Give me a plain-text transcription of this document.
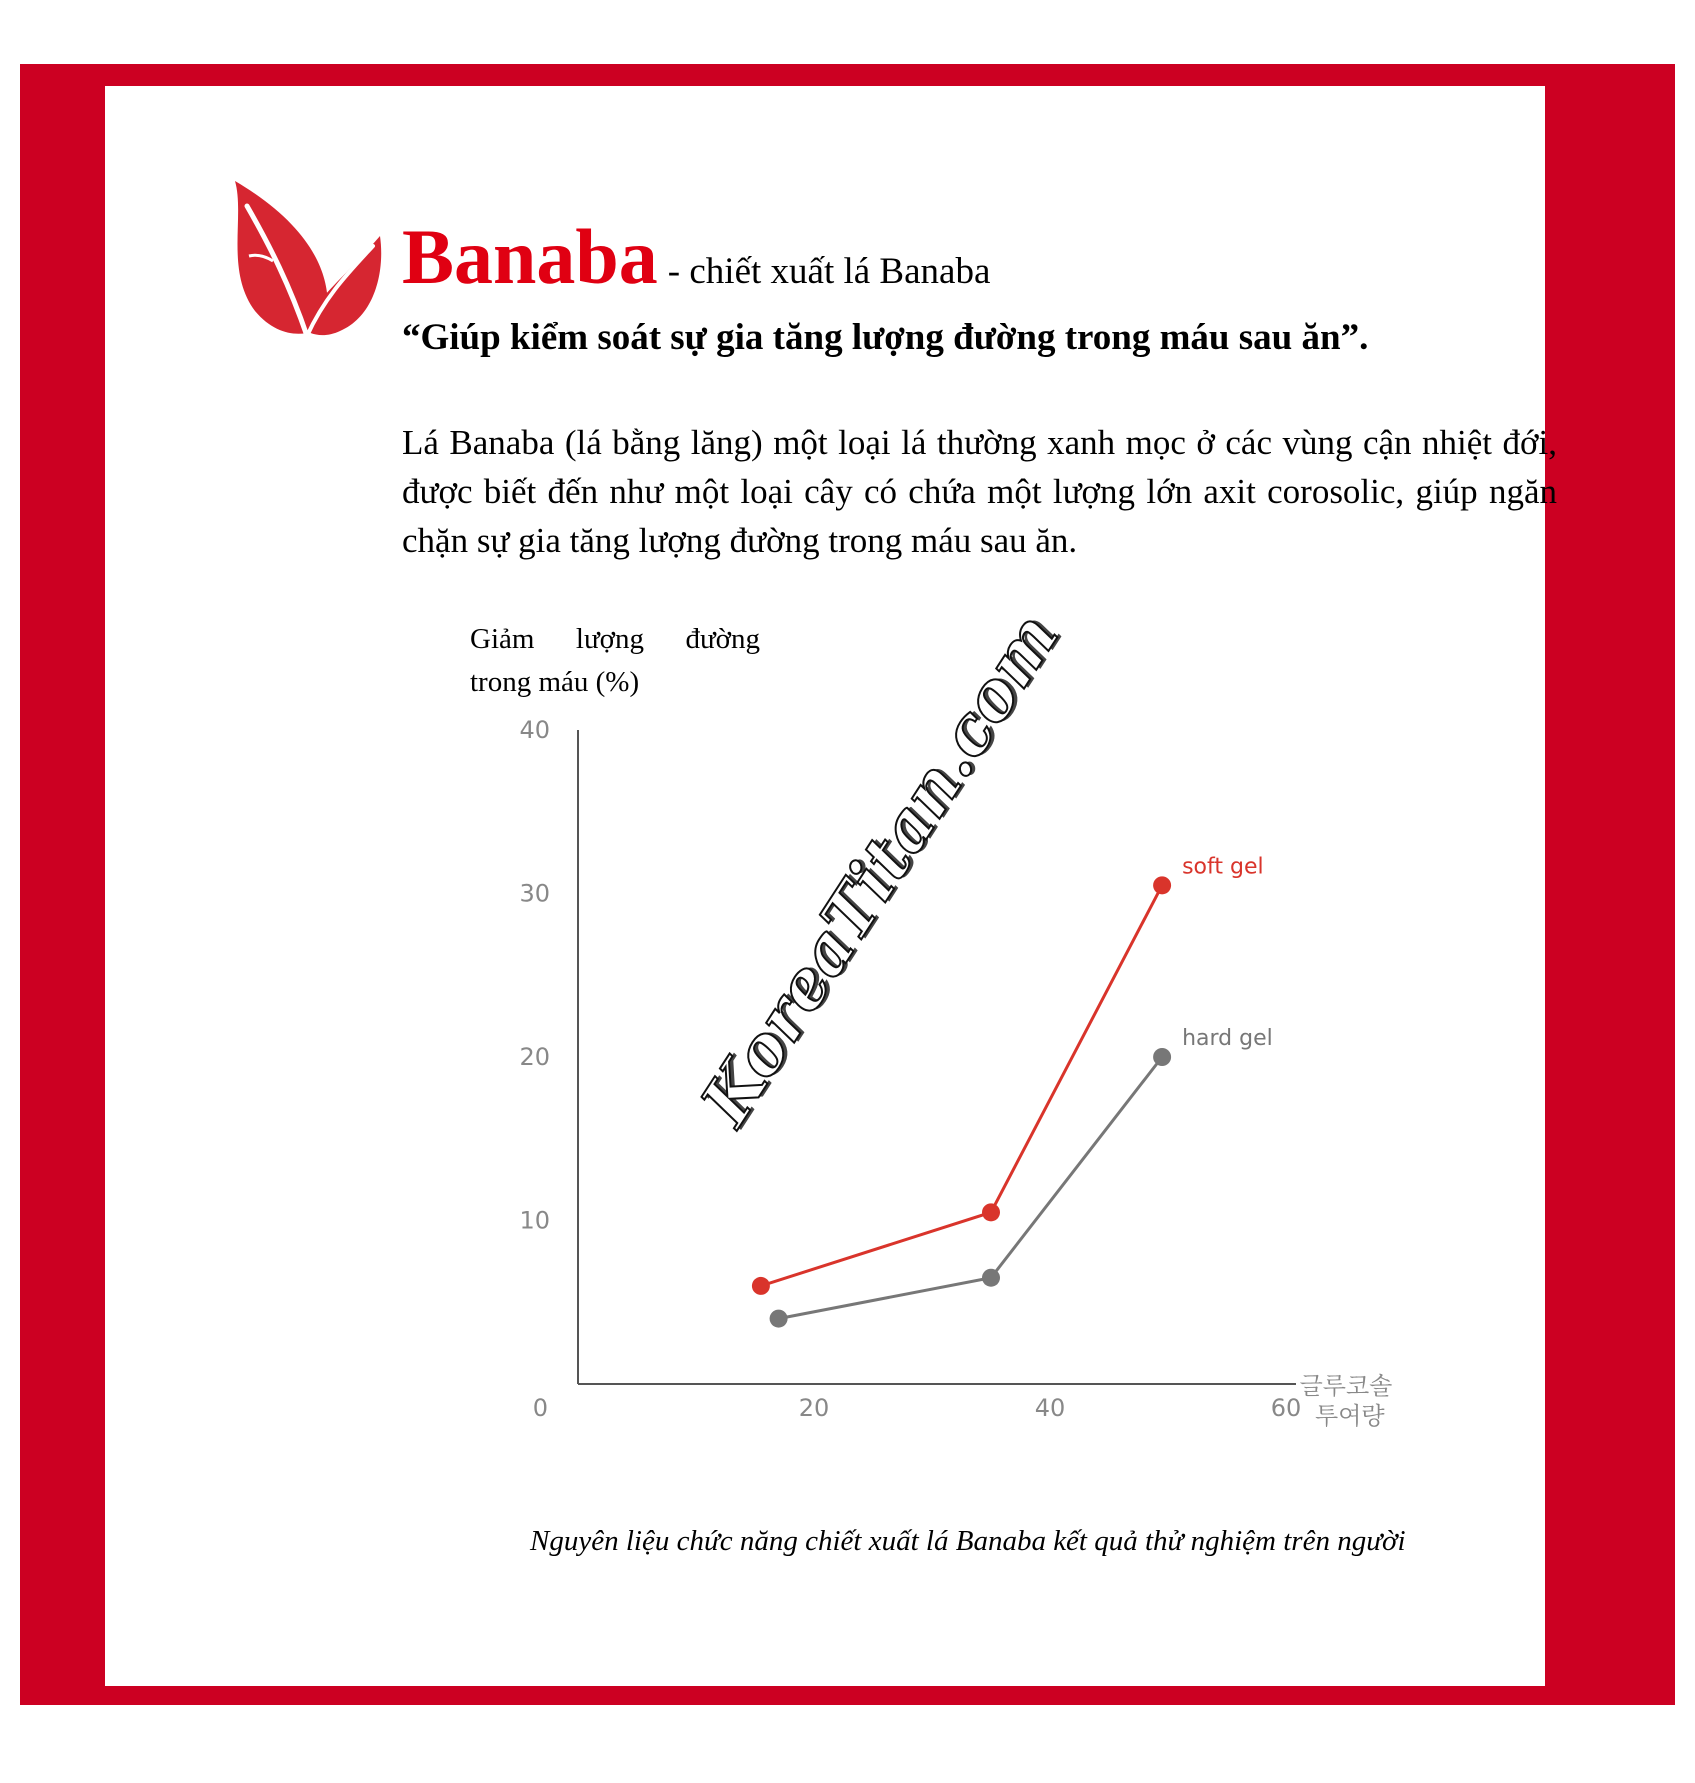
Banaba - chiết xuất lá Banaba
“Giúp kiểm soát sự gia tăng lượng đường trong máu sau ăn”.
Lá Banaba (lá bằng lăng) một loại lá thường xanh mọc ở các vùng cận nhiệt đới, được biết đến như một loại cây có chứa một lượng lớn axit corosolic, giúp ngăn chặn sự gia tăng lượng đường trong máu sau ăn.
Giảm lượng đường trong máu (%)
10
20
30
40
0	20	40	60
글루코솔 투여량
soft gel
hard gel
Nguyên liệu chức năng chiết xuất lá Banaba kết quả thử nghiệm trên người
KoreaTitan.com
